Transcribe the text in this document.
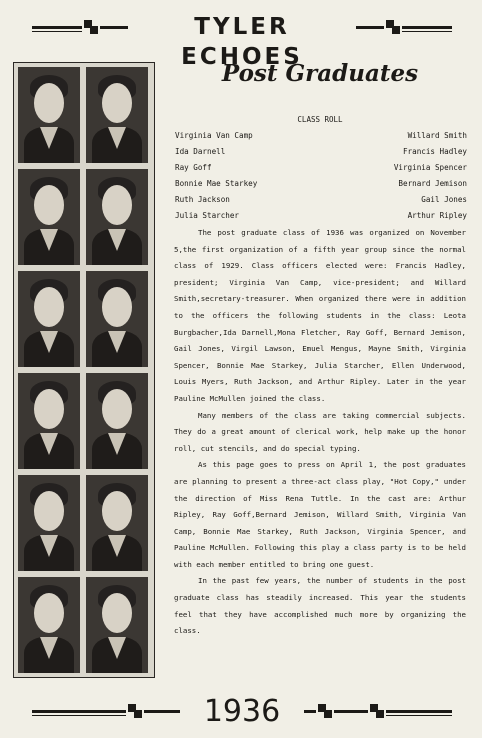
TYLER ECHOES
Post Graduates
CLASS ROLL
Virginia Van Camp	Willard Smith
Ida Darnell	Francis Hadley
Ray Goff	Virginia Spencer
Bonnie Mae Starkey	Bernard Jemison
Ruth Jackson	Gail Jones
Julia Starcher	Arthur Ripley

The post graduate class of 1936 was organized on November 5,the first organization of a fifth year group since the normal class of 1929. Class officers elected were: Francis Hadley, president; Virginia Van Camp, vice-president; and Willard Smith,secretary-treasurer. When organized there were in addition to the officers the following students in the class: Leota Burgbacher,Ida Darnell,Mona Fletcher, Ray Goff, Bernard Jemison, Gail Jones, Virgil Lawson, Emuel Mengus, Mayne Smith, Virginia Spencer, Bonnie Mae Starkey, Julia Starcher, Ellen Underwood, Louis Myers, Ruth Jackson, and Arthur Ripley. Later in the year Pauline McMullen joined the class.

Many members of the class are taking commercial subjects. They do a great amount of clerical work, help make up the honor roll, cut stencils, and do special typing.

As this page goes to press on April 1, the post graduates are planning to present a three-act class play, "Hot Copy," under the direction of Miss Rena Tuttle. In the cast are: Arthur Ripley, Ray Goff,Bernard Jemison, Willard Smith, Virginia Van Camp, Bonnie Mae Starkey, Ruth Jackson, Virginia Spencer, and Pauline McMullen. Following this play a class party is to be held with each member entitled to bring one guest.

In the past few years, the number of students in the post graduate class has steadily increased. This year the students feel that they have accomplished much more by organizing the class.

1936
